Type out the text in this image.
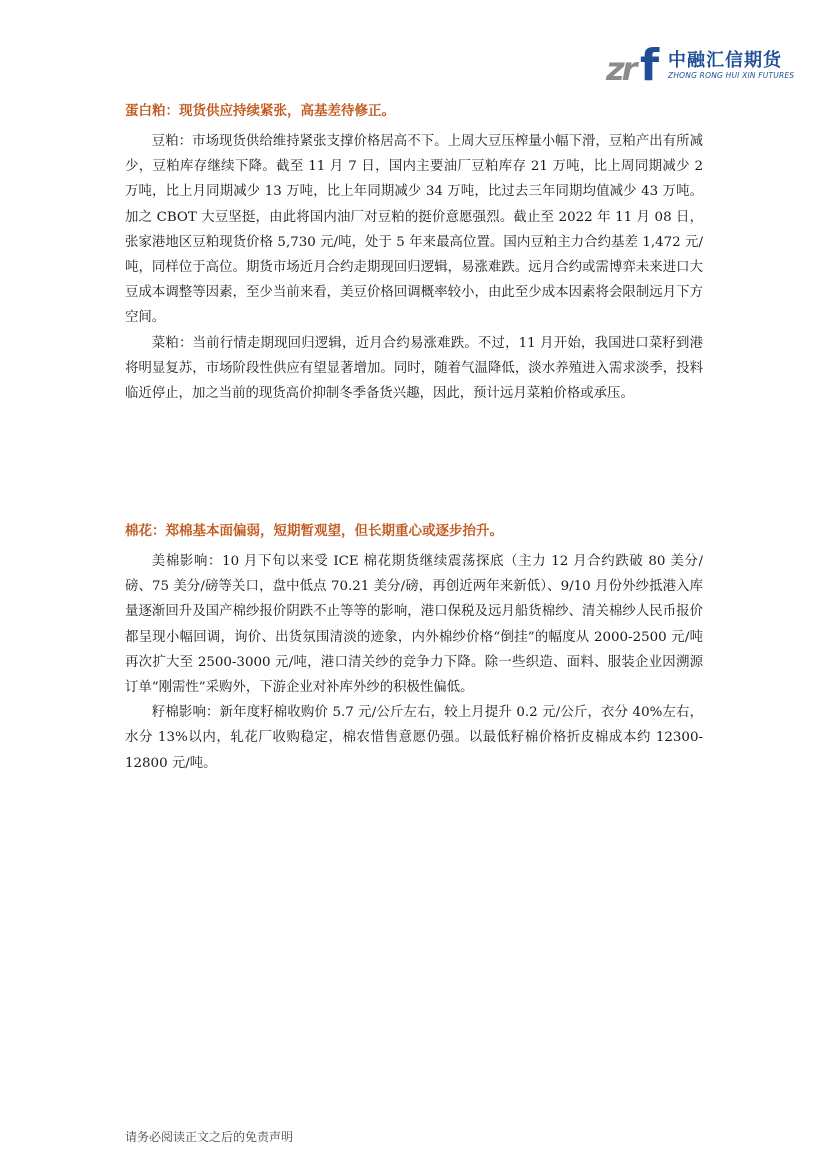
zr f 中融汇信期货
ZHONG RONG HUI XIN FUTURES
蛋白粕：现货供应持续紧张，高基差待修正。

豆粕：市场现货供给维持紧张支撑价格居高不下。上周大豆压榨量小幅下滑，豆粕产出有所减少，豆粕库存继续下降。截至 11 月 7 日，国内主要油厂豆粕库存 21 万吨，比上周同期减少 2 万吨，比上月同期减少 13 万吨，比上年同期减少 34 万吨，比过去三年同期均值减少 43 万吨。加之 CBOT 大豆坚挺，由此将国内油厂对豆粕的挺价意愿强烈。截止至 2022 年 11 月 08 日，张家港地区豆粕现货价格 5,730 元/吨，处于 5 年来最高位置。国内豆粕主力合约基差 1,472 元/吨，同样位于高位。期货市场近月合约走期现回归逻辑，易涨难跌。远月合约或需博弈未来进口大豆成本调整等因素，至少当前来看，美豆价格回调概率较小，由此至少成本因素将会限制远月下方空间。

菜粕：当前行情走期现回归逻辑，近月合约易涨难跌。不过，11 月开始，我国进口菜籽到港将明显复苏，市场阶段性供应有望显著增加。同时，随着气温降低，淡水养殖进入需求淡季，投料临近停止，加之当前的现货高价抑制冬季备货兴趣，因此，预计远月菜粕价格或承压。

棉花：郑棉基本面偏弱，短期暂观望，但长期重心或逐步抬升。

美棉影响：10 月下旬以来受 ICE 棉花期货继续震荡探底（主力 12 月合约跌破 80 美分/磅、75 美分/磅等关口，盘中低点 70.21 美分/磅，再创近两年来新低）、9/10 月份外纱抵港入库量逐渐回升及国产棉纱报价阴跌不止等等的影响，港口保税及远月船货棉纱、清关棉纱人民币报价都呈现小幅回调，询价、出货氛围清淡的迹象，内外棉纱价格“倒挂”的幅度从 2000-2500 元/吨再次扩大至 2500-3000 元/吨，港口清关纱的竞争力下降。除一些织造、面料、服装企业因溯源订单“刚需性”采购外，下游企业对补库外纱的积极性偏低。

籽棉影响：新年度籽棉收购价 5.7 元/公斤左右，较上月提升 0.2 元/公斤，衣分 40%左右，水分 13%以内，轧花厂收购稳定，棉农惜售意愿仍强。以最低籽棉价格折皮棉成本约 12300-12800 元/吨。

请务必阅读正文之后的免责声明
